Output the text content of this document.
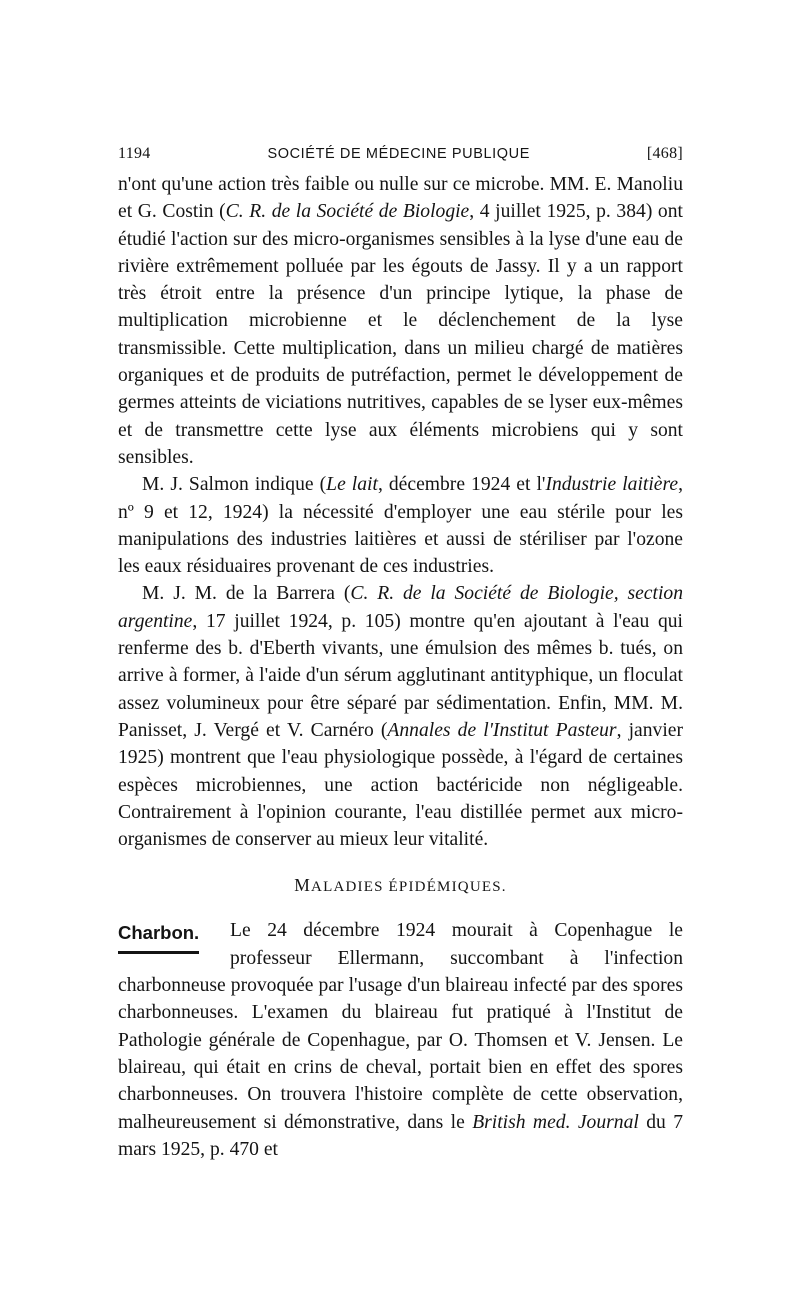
1194	SOCIÉTÉ DE MÉDECINE PUBLIQUE	[468]

n'ont qu'une action très faible ou nulle sur ce microbe. MM. E. Manoliu et G. Costin (C. R. de la Société de Biologie, 4 juillet 1925, p. 384) ont étudié l'action sur des micro-organismes sensibles à la lyse d'une eau de rivière extrêmement polluée par les égouts de Jassy. Il y a un rapport très étroit entre la présence d'un principe lytique, la phase de multiplication microbienne et le déclenchement de la lyse transmissible. Cette multiplication, dans un milieu chargé de matières organiques et de produits de putréfaction, permet le développement de germes atteints de viciations nutritives, capables de se lyser eux-mêmes et de transmettre cette lyse aux éléments microbiens qui y sont sensibles.

M. J. Salmon indique (Le lait, décembre 1924 et l'Industrie laitière, nº 9 et 12, 1924) la nécessité d'employer une eau stérile pour les manipulations des industries laitières et aussi de stériliser par l'ozone les eaux résiduaires provenant de ces industries.

M. J. M. de la Barrera (C. R. de la Société de Biologie, section argentine, 17 juillet 1924, p. 105) montre qu'en ajoutant à l'eau qui renferme des b. d'Eberth vivants, une émulsion des mêmes b. tués, on arrive à former, à l'aide d'un sérum agglutinant antityphique, un floculat assez volumineux pour être séparé par sédimentation. Enfin, MM. M. Panisset, J. Vergé et V. Carnéro (Annales de l'Institut Pasteur, janvier 1925) montrent que l'eau physiologique possède, à l'égard de certaines espèces microbiennes, une action bactéricide non négligeable. Contrairement à l'opinion courante, l'eau distillée permet aux micro-organismes de conserver au mieux leur vitalité.

MALADIES ÉPIDÉMIQUES.
Charbon.	Le 24 décembre 1924 mourait à Copenhague le professeur Ellermann, succombant à l'infection charbonneuse provoquée par l'usage d'un blaireau infecté par des spores charbonneuses. L'examen du blaireau fut pratiqué à l'Institut de Pathologie générale de Copenhague, par O. Thomsen et V. Jensen. Le blaireau, qui était en crins de cheval, portait bien en effet des spores charbonneuses. On trouvera l'histoire complète de cette observation, malheureusement si démonstrative, dans le British med. Journal du 7 mars 1925, p. 470 et
